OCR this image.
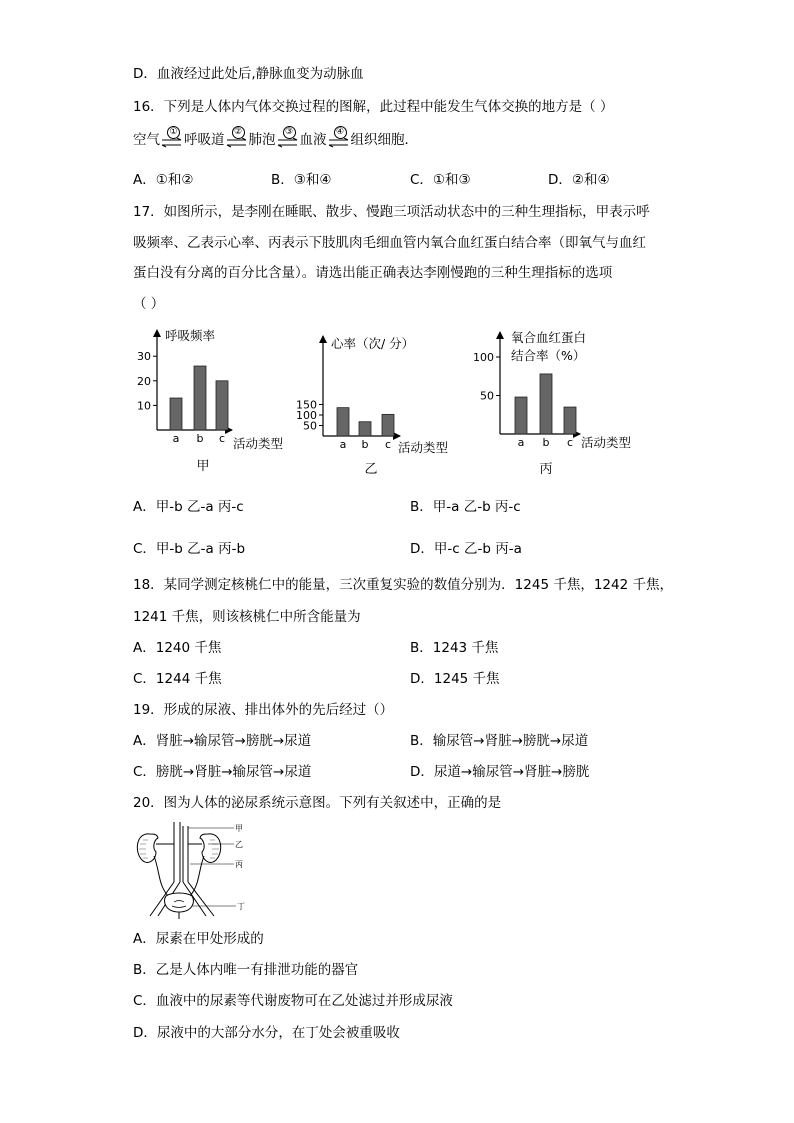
D．血液经过此处后,静脉血变为动脉血
16．下列是人体内气体交换过程的图解，此过程中能发生气体交换的地方是（ ）
空气 ① 呼吸道 ② 肺泡 ③ 血液 ④ 组织细胞．
A．①和②	B．③和④	C．①和③	D．②和④
17．如图所示，是李刚在睡眠、散步、慢跑三项活动状态中的三种生理指标，甲表示呼
吸频率、乙表示心率、丙表示下肢肌肉毛细血管内氧合血红蛋白结合率（即氧气与血红
蛋白没有分离的百分比含量）。请选出能正确表达李刚慢跑的三种生理指标的选项
（ ）
10
20
30
a b c
呼吸频率
活动类型
甲
50
100
150
a b c
心率（次/ 分）
活动类型
乙
50
100
a b c
氧合血红蛋白
结合率（%）
活动类型
丙
A．甲-b 乙-a 丙-c	B．甲-a 乙-b 丙-c
C．甲-b 乙-a 丙-b	D．甲-c 乙-b 丙-a
18．某同学测定核桃仁中的能量，三次重复实验的数值分别为．1245 千焦，1242 千焦，
1241 千焦，则该核桃仁中所含能量为
A．1240 千焦	B．1243 千焦
C．1244 千焦	D．1245 千焦
19．形成的尿液、排出体外的先后经过（）
A．肾脏→输尿管→膀胱→尿道	B．输尿管→肾脏→膀胱→尿道
C．膀胱→肾脏→输尿管→尿道	D．尿道→输尿管→肾脏→膀胱
20．图为人体的泌尿系统示意图。下列有关叙述中，正确的是
甲
乙
丙
丁
A．尿素在甲处形成的
B．乙是人体内唯一有排泄功能的器官
C．血液中的尿素等代谢废物可在乙处滤过并形成尿液
D．尿液中的大部分水分，在丁处会被重吸收
